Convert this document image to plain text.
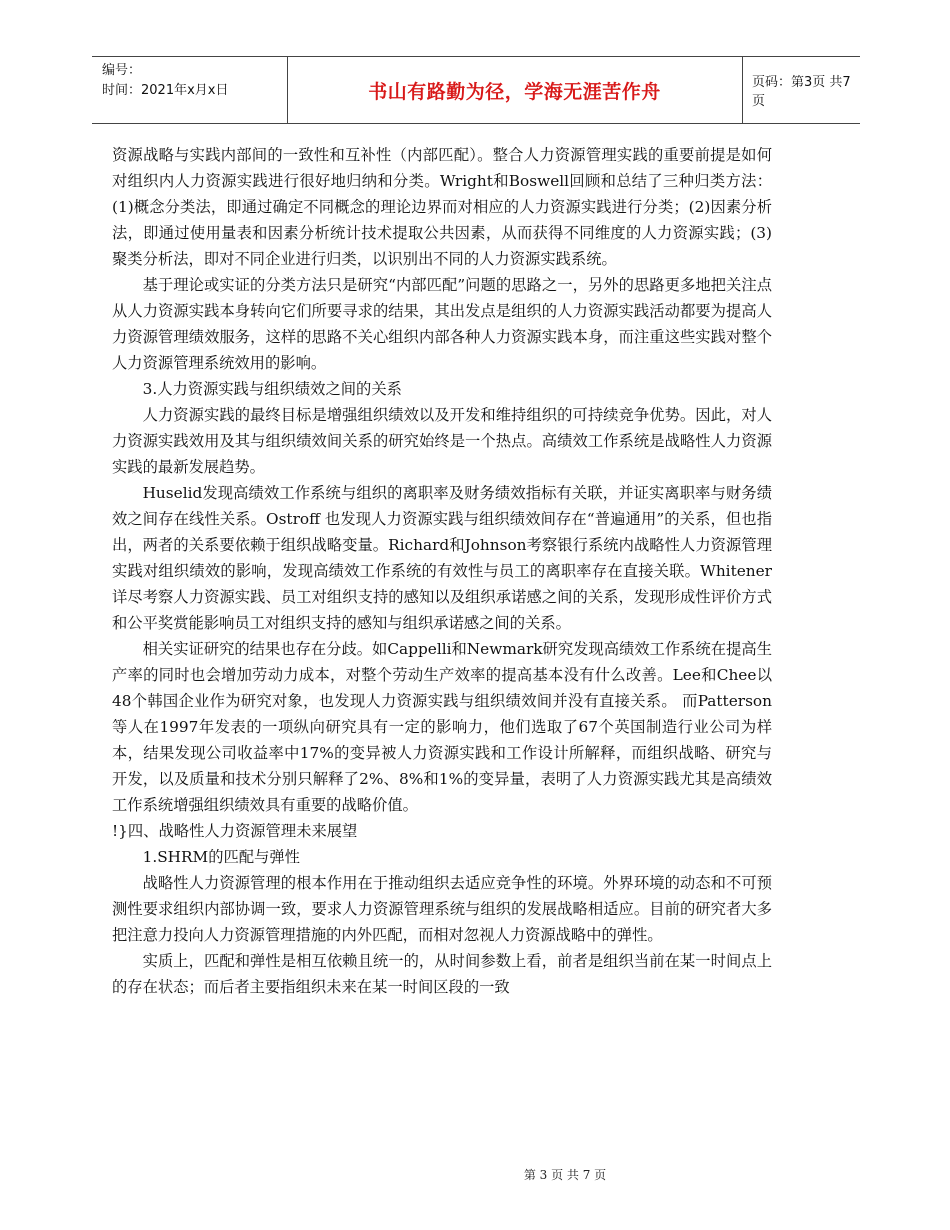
编号：
时间：2021年x月x日	书山有路勤为径，学海无涯苦作舟	页码：第3页 共7页

资源战略与实践内部间的一致性和互补性（内部匹配）。整合人力资源管理实践的重要前提是如何对组织内人力资源实践进行很好地归纳和分类。Wright和Boswell回顾和总结了三种归类方法：(1)概念分类法，即通过确定不同概念的理论边界而对相应的人力资源实践进行分类；(2)因素分析法，即通过使用量表和因素分析统计技术提取公共因素，从而获得不同维度的人力资源实践；(3)聚类分析法，即对不同企业进行归类，以识别出不同的人力资源实践系统。

基于理论或实证的分类方法只是研究“内部匹配”问题的思路之一，另外的思路更多地把关注点从人力资源实践本身转向它们所要寻求的结果，其出发点是组织的人力资源实践活动都要为提高人力资源管理绩效服务，这样的思路不关心组织内部各种人力资源实践本身，而注重这些实践对整个人力资源管理系统效用的影响。

3.人力资源实践与组织绩效之间的关系

人力资源实践的最终目标是增强组织绩效以及开发和维持组织的可持续竞争优势。因此，对人力资源实践效用及其与组织绩效间关系的研究始终是一个热点。高绩效工作系统是战略性人力资源实践的最新发展趋势。

Huselid发现高绩效工作系统与组织的离职率及财务绩效指标有关联，并证实离职率与财务绩效之间存在线性关系。Ostroff 也发现人力资源实践与组织绩效间存在“普遍通用”的关系，但也指出，两者的关系要依赖于组织战略变量。Richard和Johnson考察银行系统内战略性人力资源管理实践对组织绩效的影响，发现高绩效工作系统的有效性与员工的离职率存在直接关联。Whitener 详尽考察人力资源实践、员工对组织支持的感知以及组织承诺感之间的关系，发现形成性评价方式和公平奖赏能影响员工对组织支持的感知与组织承诺感之间的关系。

相关实证研究的结果也存在分歧。如Cappelli和Newmark研究发现高绩效工作系统在提高生产率的同时也会增加劳动力成本，对整个劳动生产效率的提高基本没有什么改善。Lee和Chee以48个韩国企业作为研究对象，也发现人力资源实践与组织绩效间并没有直接关系。 而Patterson等人在1997年发表的一项纵向研究具有一定的影响力，他们选取了67个英国制造行业公司为样本，结果发现公司收益率中17%的变异被人力资源实践和工作设计所解释，而组织战略、研究与开发，以及质量和技术分别只解释了2%、8%和1%的变异量，表明了人力资源实践尤其是高绩效工作系统增强组织绩效具有重要的战略价值。

!}四、战略性人力资源管理未来展望

1.SHRM的匹配与弹性

战略性人力资源管理的根本作用在于推动组织去适应竞争性的环境。外界环境的动态和不可预测性要求组织内部协调一致，要求人力资源管理系统与组织的发展战略相适应。目前的研究者大多把注意力投向人力资源管理措施的内外匹配，而相对忽视人力资源战略中的弹性。

实质上，匹配和弹性是相互依赖且统一的，从时间参数上看，前者是组织当前在某一时间点上的存在状态；而后者主要指组织未来在某一时间区段的一致

第 3 页 共 7 页
